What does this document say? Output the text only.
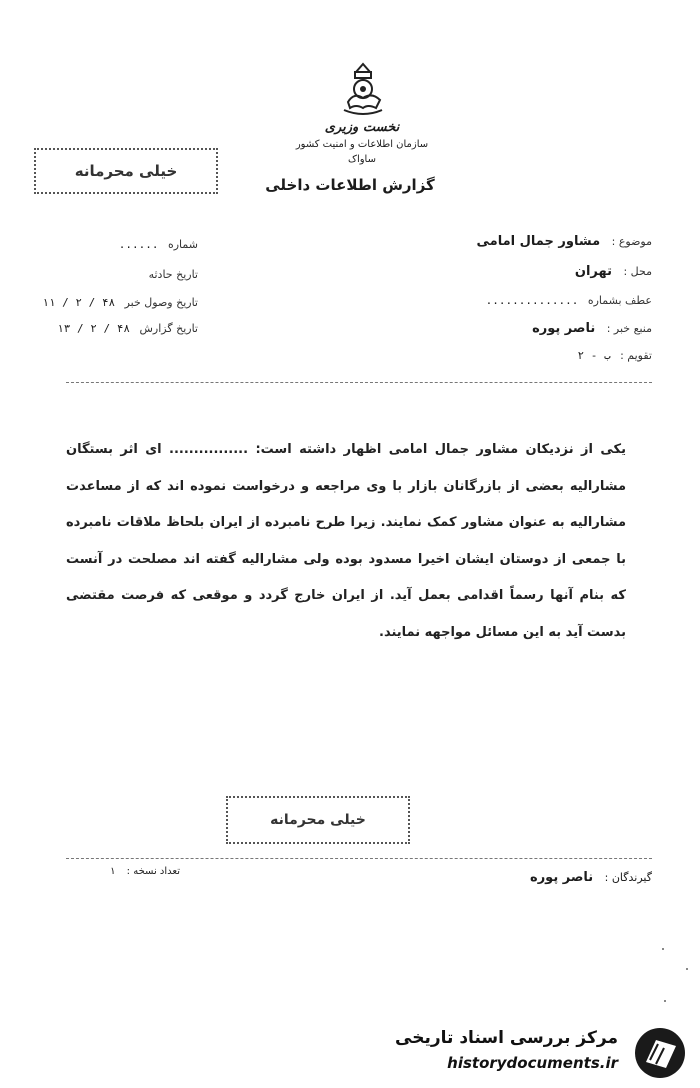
نخست وزیری
سازمان اطلاعات و امنیت کشور
ساواک
گزارش اطلاعات داخلی
خیلی محرمانه
موضوع : مشاور جمال امامی
محل : تهران
عطف بشماره ..............
منبع خبر : ناصر پوره
تقویم : ب - ۲
شماره ......
تاریخ حادثه
تاریخ وصول خبر ۴۸ / ۲ / ۱۱
تاریخ گزارش ۴۸ / ۲ / ۱۳
یکی از نزدیکان مشاور جمال امامی اظهار داشته است: ................ ای اثر بستگان مشارالیه بعضی از بازرگانان بازار با وی مراجعه و درخواست نموده اند که از مساعدت مشارالیه به عنوان مشاور کمک نمایند. زیرا طرح نامبرده از ایران بلحاظ ملاقات نامبرده با جمعی از دوستان ایشان اخیرا مسدود بوده ولی مشارالیه گفته اند مصلحت در آنست که بنام آنها رسماً اقدامی بعمل آید. از ایران خارج گردد و موقعی که فرصت مقتضی بدست آید به این مسائل مواجهه نمایند.
خیلی محرمانه
گیرندگان : ناصر پوره
تعداد نسخه : ۱
مرکز بررسی اسناد تاریخی
historydocuments.ir
